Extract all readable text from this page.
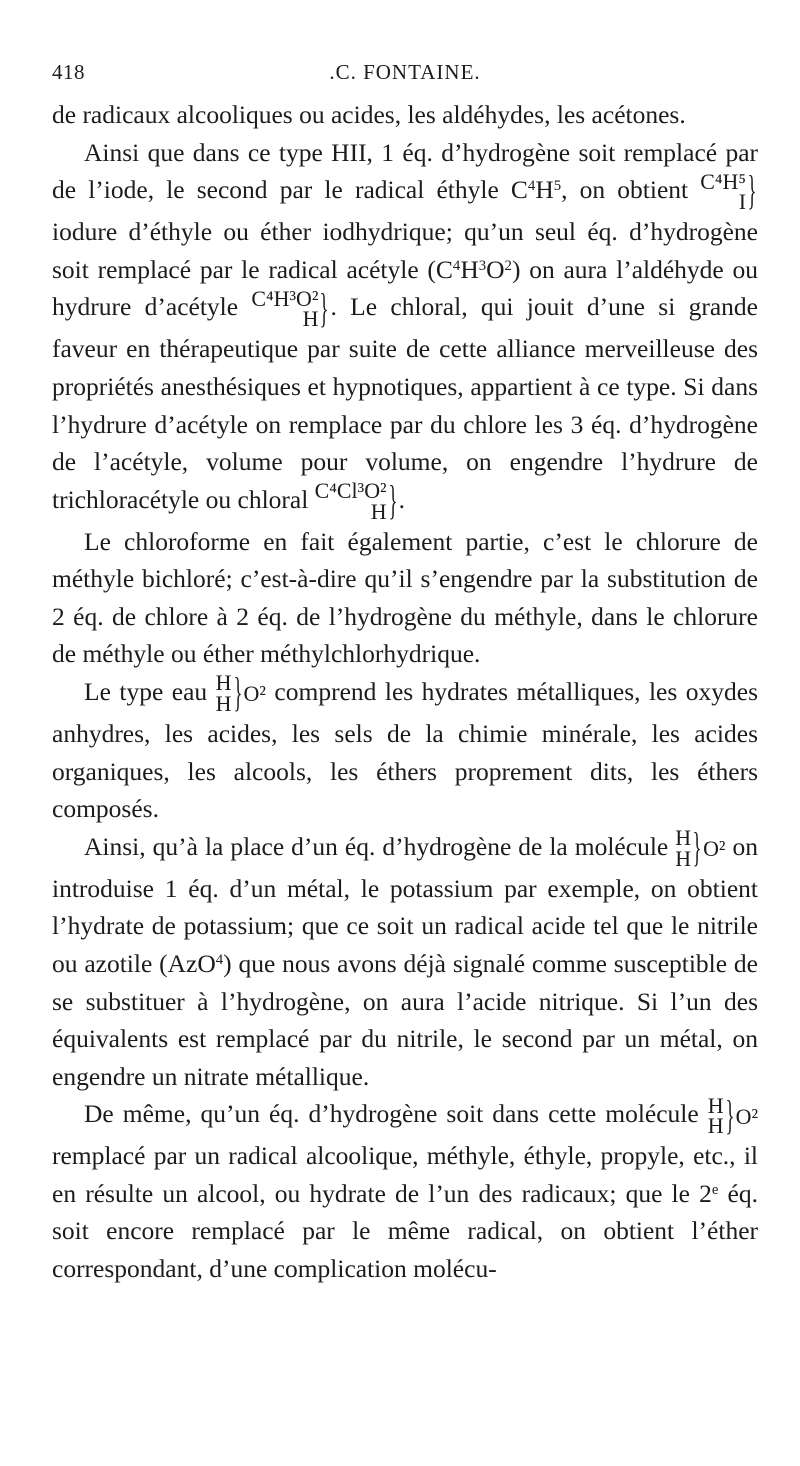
418	.C. FONTAINE.

de radicaux alcooliques ou acides, les aldéhydes, les acétones.

Ainsi que dans ce type HII, 1 éq. d’hydrogène soit remplacé par de l’iode, le second par le radical éthyle $C^4H^5$, on obtient C⁴H⁵
I } iodure d’éthyle ou éther iodhydrique; qu’un seul éq. d’hydrogène soit remplacé par le radical acétyle $(C^4H^3O^2)$ on aura l’aldéhyde ou hydrure d’acétyle C⁴H³O²
H }. Le chloral, qui jouit d’une si grande faveur en thérapeutique par suite de cette alliance merveilleuse des propriétés anesthésiques et hypnotiques, appartient à ce type. Si dans l’hydrure d’acétyle on remplace par du chlore les 3 éq. d’hydrogène de l’acétyle, volume pour volume, on engendre l’hydrure de trichloracétyle ou chloral C⁴Cl³O²
H }.

Le chloroforme en fait également partie, c’est le chlorure de méthyle bichloré; c’est-à-dire qu’il s’engendre par la substitution de 2 éq. de chlore à 2 éq. de l’hydrogène du méthyle, dans le chlorure de méthyle ou éther méthylchlorhydrique.

Le type eau H
H }O² comprend les hydrates métalliques, les oxydes anhydres, les acides, les sels de la chimie minérale, les acides organiques, les alcools, les éthers proprement dits, les éthers composés.

Ainsi, qu’à la place d’un éq. d’hydrogène de la molécule H
H }O² on introduise 1 éq. d’un métal, le potassium par exemple, on obtient l’hydrate de potassium; que ce soit un radical acide tel que le nitrile ou azotile (AzO$^4$) que nous avons déjà signalé comme susceptible de se substituer à l’hydrogène, on aura l’acide nitrique. Si l’un des équivalents est remplacé par du nitrile, le second par un métal, on engendre un nitrate métallique.

De même, qu’un éq. d’hydrogène soit dans cette molécule H
H }O² remplacé par un radical alcoolique, méthyle, éthyle, propyle, etc., il en résulte un alcool, ou hydrate de l’un des radicaux; que le 2e éq. soit encore remplacé par le même radical, on obtient l’éther correspondant, d’une complication molécu-
